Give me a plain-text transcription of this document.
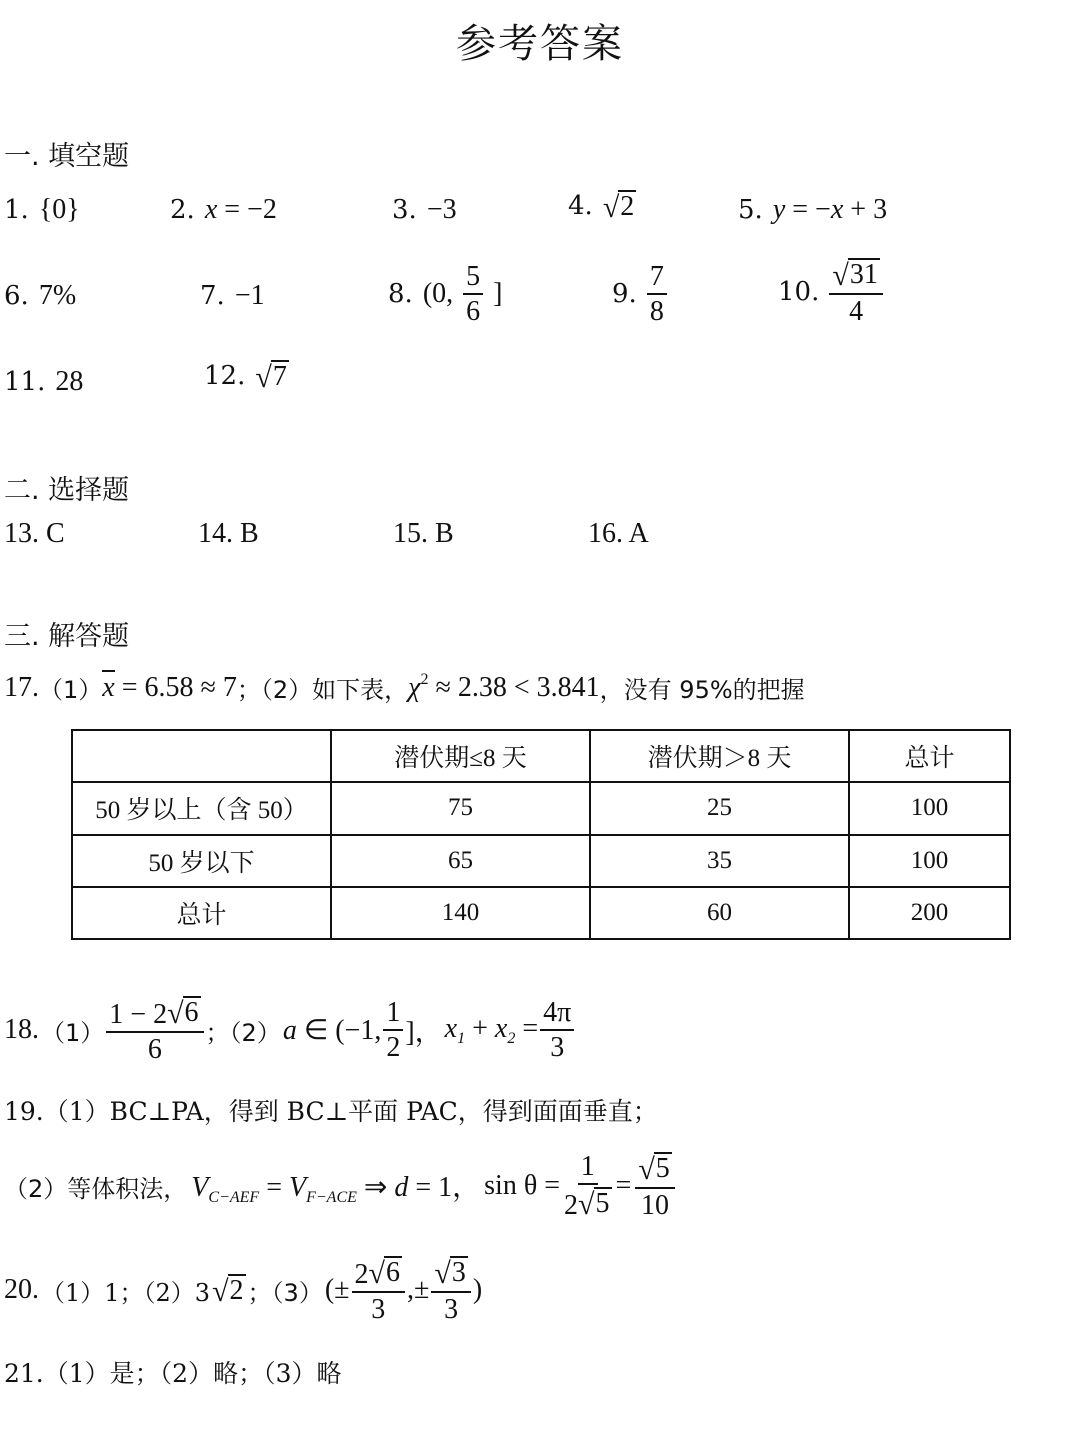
参考答案
一. 填空题
1. {0}	2. x = −2	3. −3	4. √ 2	5. y = −x + 3
6. 7%	7. −1	8. (0, $\frac{5}{6}$ ]	9. $\frac{7}{8}$	10. $\frac{√ 31}{4}$
11. 28	12. √ 7
二. 选择题
13. C	14. B	15. B	16. A
三. 解答题
17. （1） x = 6.58 ≈ 7 ；（2）如下表， $\chi^2 \approx 2.38 < 3.841$ ，没有 95%的把握
	潜伏期≤8 天	潜伏期＞8 天	总计
50 岁以上（含 50）	75	25	100
50 岁以下	65	35	100
总计	140	60	200
18. $(1) \frac{1 - 2 √ 6}{6}$ ；（2） a ∈ (−1, $\frac{1}{2}$ ]， $x_1 + x_2 = \frac{4\pi}{3}$
19.（1）BC⊥PA，得到 BC⊥平面 PAC，得到面面垂直；
（2）等体积法， $V_{C-AEF} = V_{F-ACE}$ ⇒ d = 1， $\sin \theta = \frac{1}{2 √ 5} = \frac{√ 5}{10}$
20. （1）1；（2）3 √ 2 ；（3） (± $\frac{2 √ 6}{3}$ ,± $\frac{√ 3}{3}$ )
21.（1）是；（2）略；（3）略
